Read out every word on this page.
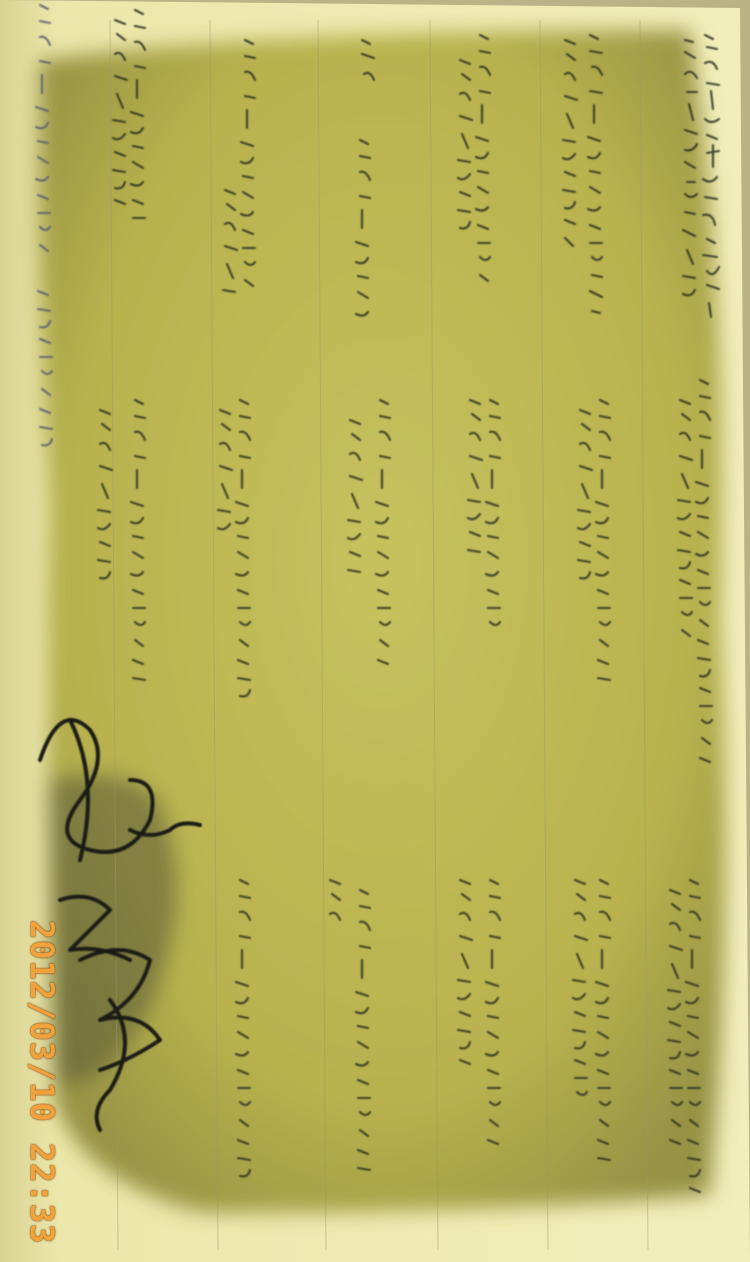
2012/03/10 22:33
